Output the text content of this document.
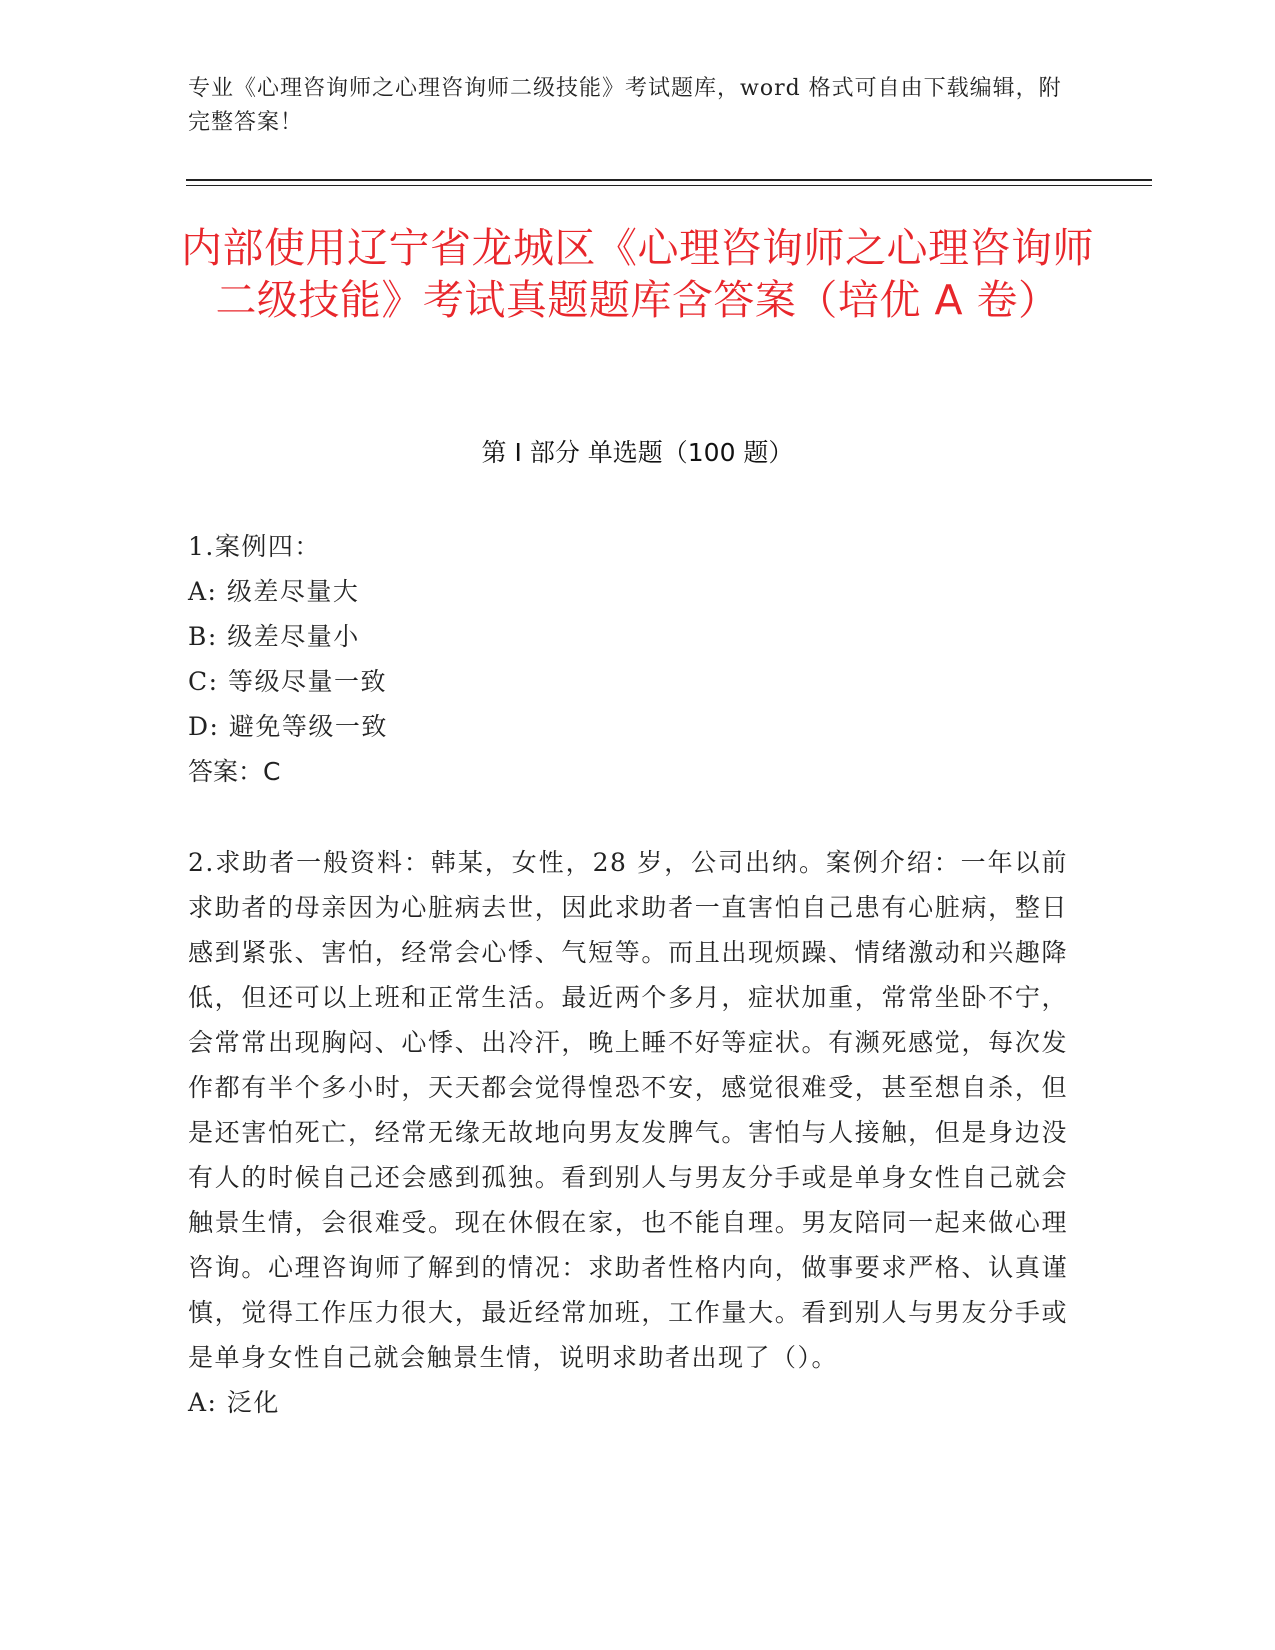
专业《心理咨询师之心理咨询师二级技能》考试题库，word 格式可自由下载编辑，附完整答案！
内部使用辽宁省龙城区《心理咨询师之心理咨询师二级技能》考试真题题库含答案（培优 A 卷）
第 I 部分 单选题（100 题）
1.案例四：
A: 级差尽量大
B: 级差尽量小
C: 等级尽量一致
D: 避免等级一致
答案：C
2.求助者一般资料：韩某，女性，28 岁，公司出纳。案例介绍：一年以前求助者的母亲因为心脏病去世，因此求助者一直害怕自己患有心脏病，整日感到紧张、害怕，经常会心悸、气短等。而且出现烦躁、情绪激动和兴趣降低，但还可以上班和正常生活。最近两个多月，症状加重，常常坐卧不宁，会常常出现胸闷、心悸、出冷汗，晚上睡不好等症状。有濒死感觉，每次发作都有半个多小时，天天都会觉得惶恐不安，感觉很难受，甚至想自杀，但是还害怕死亡，经常无缘无故地向男友发脾气。害怕与人接触，但是身边没有人的时候自己还会感到孤独。看到别人与男友分手或是单身女性自己就会触景生情，会很难受。现在休假在家，也不能自理。男友陪同一起来做心理咨询。心理咨询师了解到的情况：求助者性格内向，做事要求严格、认真谨慎，觉得工作压力很大，最近经常加班，工作量大。看到别人与男友分手或是单身女性自己就会触景生情，说明求助者出现了（）。
A: 泛化
